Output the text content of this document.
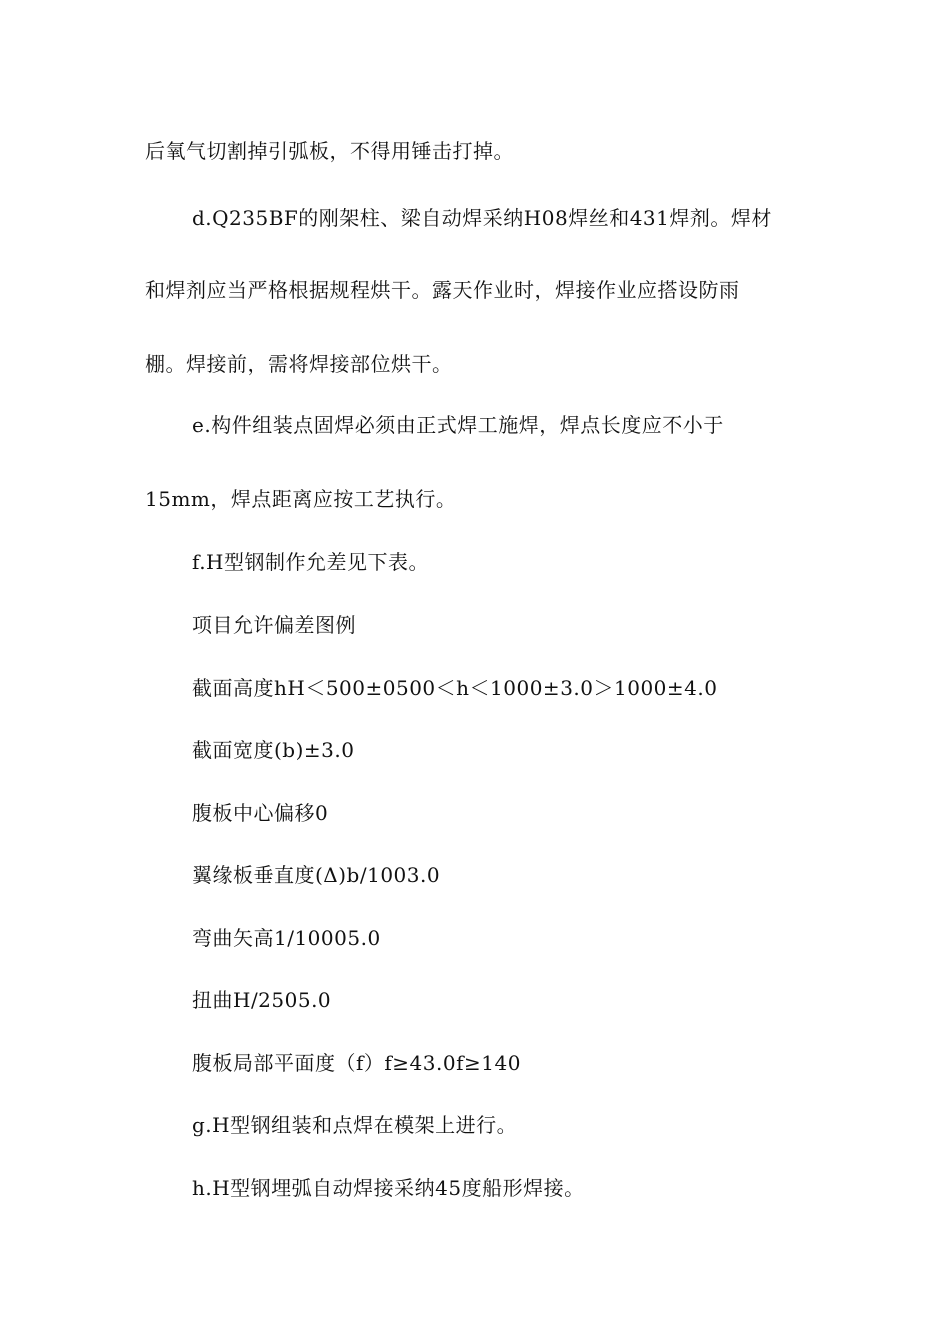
后氧气切割掉引弧板，不得用锤击打掉。
d.Q235BF的刚架柱、梁自动焊采纳H08焊丝和431焊剂。焊材
和焊剂应当严格根据规程烘干。露天作业时，焊接作业应搭设防雨
棚。焊接前，需将焊接部位烘干。
e.构件组装点固焊必须由正式焊工施焊，焊点长度应不小于
15mm，焊点距离应按工艺执行。
f.H型钢制作允差见下表。
项目允许偏差图例
截面高度hH＜500±0500＜h＜1000±3.0＞1000±4.0
截面宽度(b)±3.0
腹板中心偏移0
翼缘板垂直度(Δ)b/1003.0
弯曲矢高1/10005.0
扭曲H/2505.0
腹板局部平面度（f）f≥43.0f≥140
g.H型钢组装和点焊在模架上进行。
h.H型钢埋弧自动焊接采纳45度船形焊接。
